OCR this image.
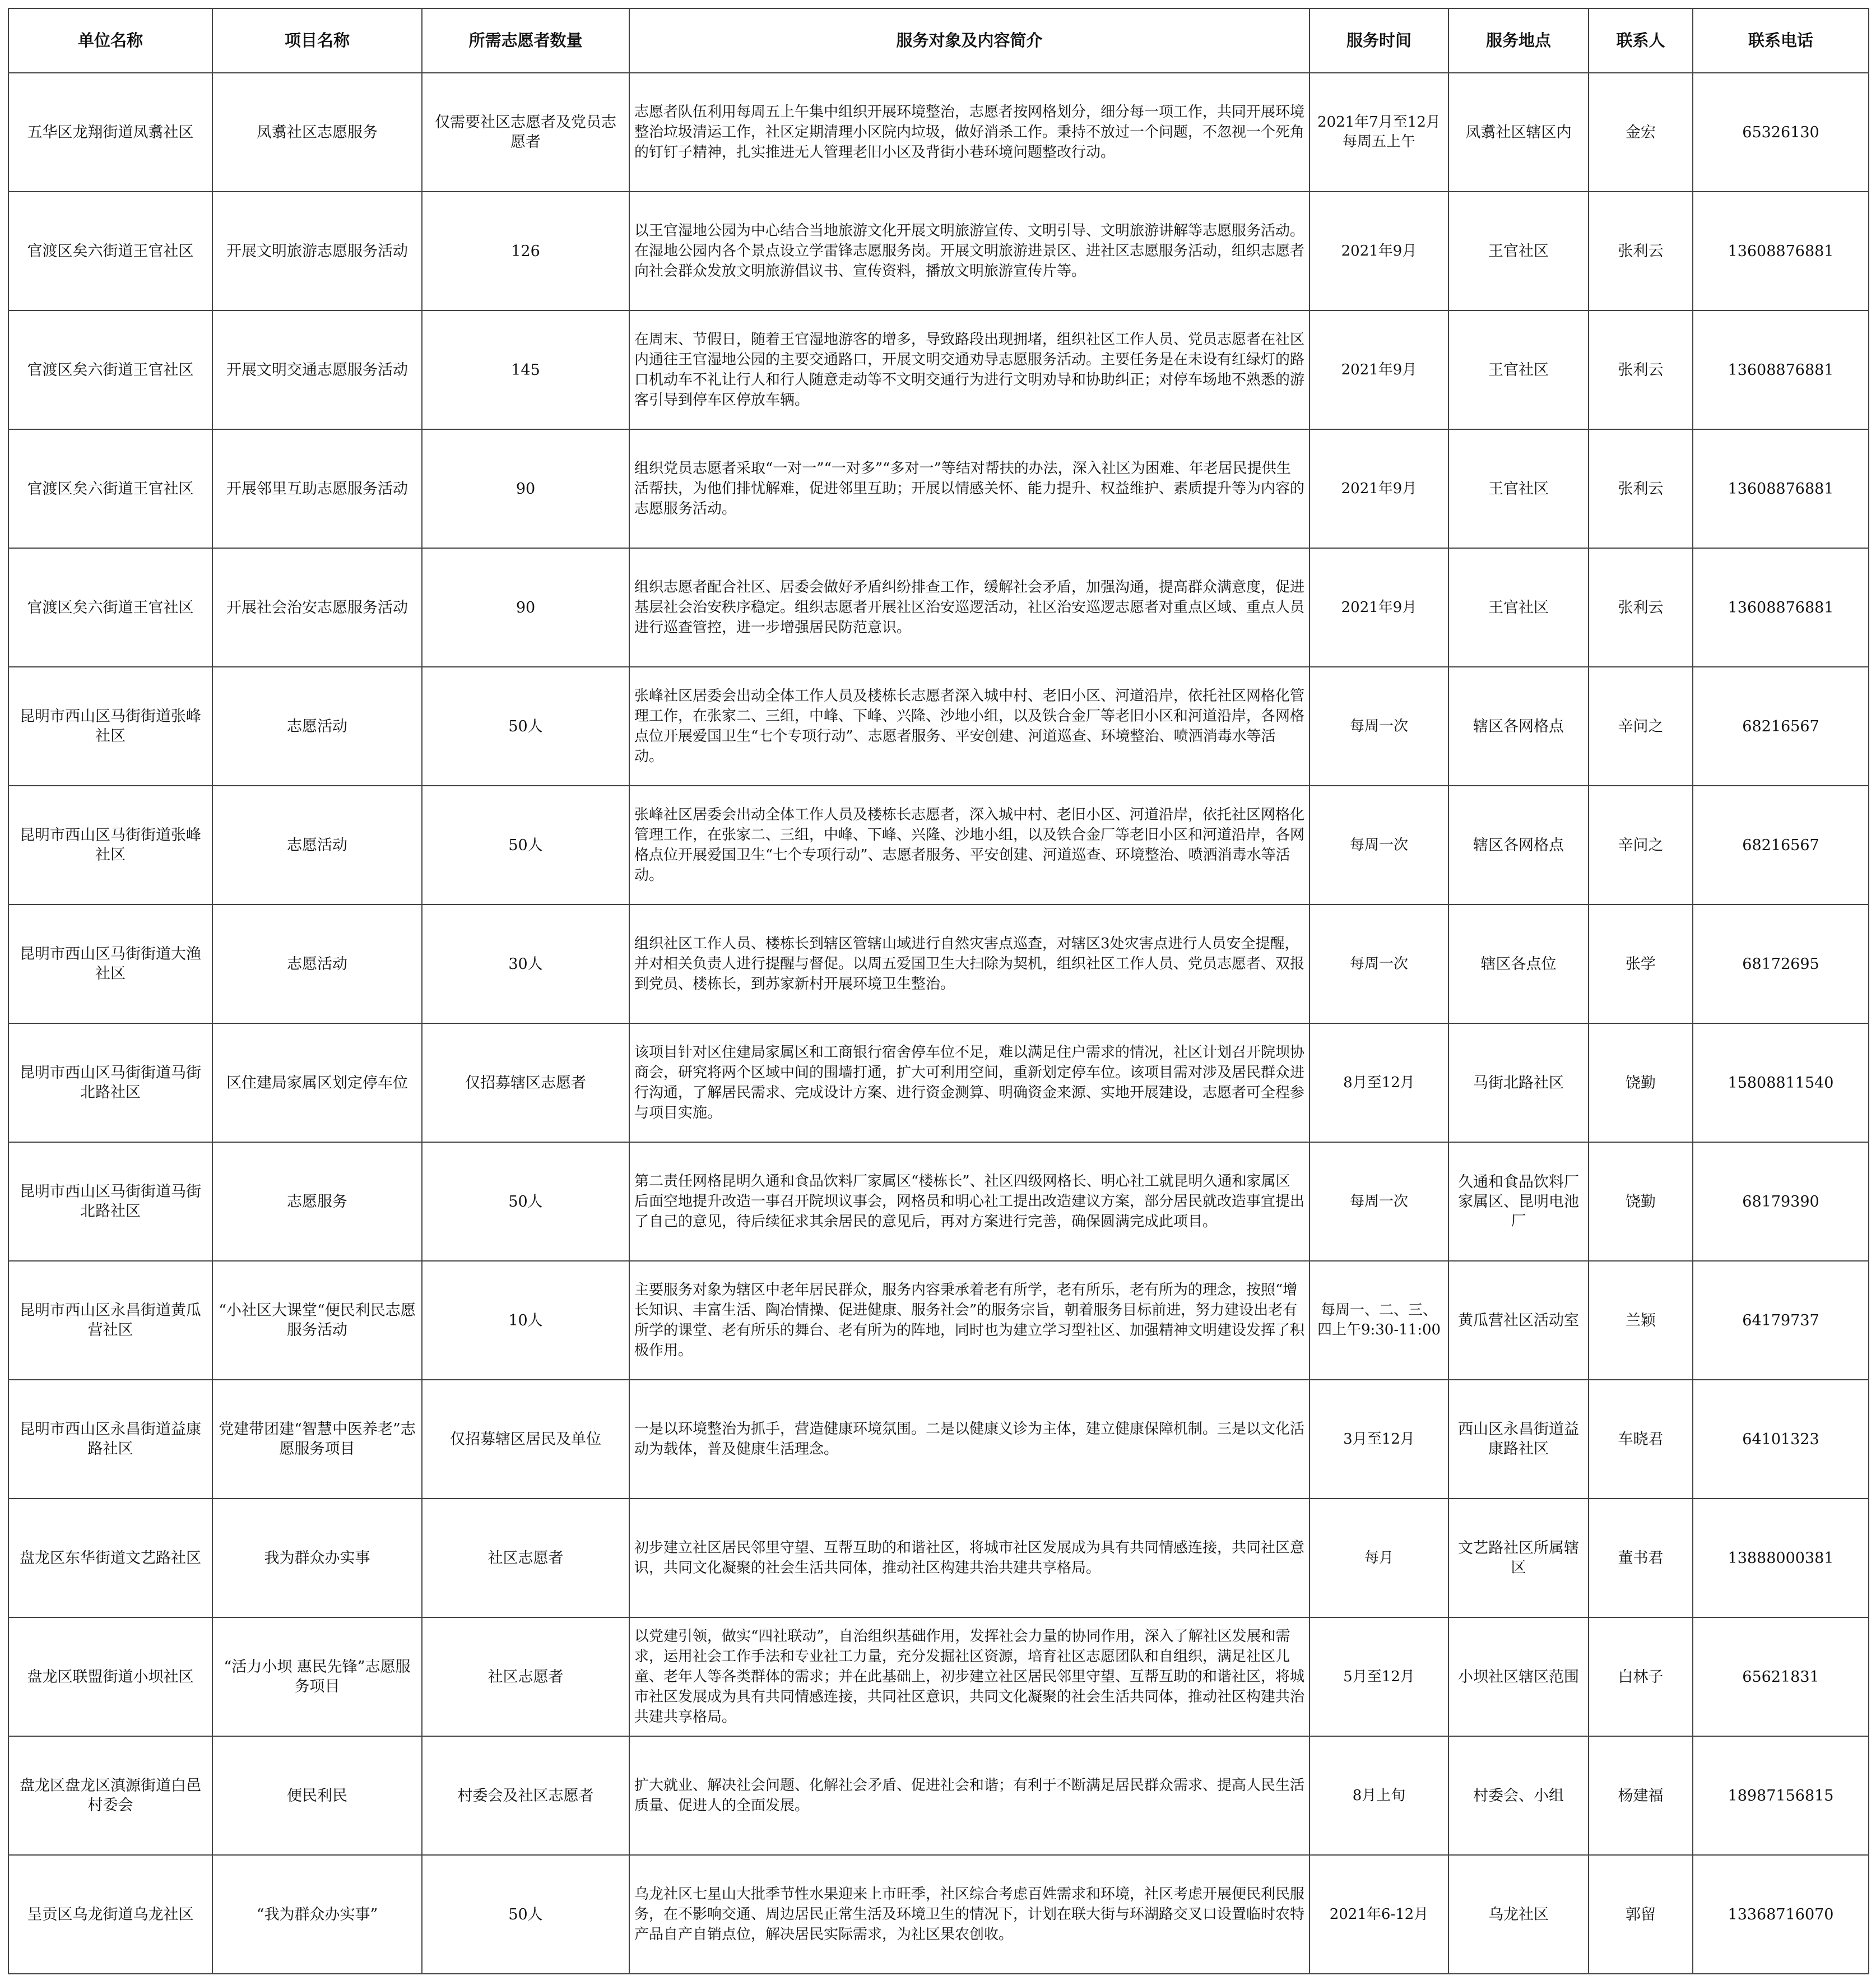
单位名称	项目名称	所需志愿者数量	服务对象及内容简介	服务时间	服务地点	联系人	联系电话
五华区龙翔街道凤翥社区	凤翥社区志愿服务	仅需要社区志愿者及党员志愿者	志愿者队伍利用每周五上午集中组织开展环境整治，志愿者按网格划分，细分每一项工作，共同开展环境整治垃圾清运工作，社区定期清理小区院内垃圾，做好消杀工作。秉持不放过一个问题，不忽视一个死角的钉钉子精神，扎实推进无人管理老旧小区及背街小巷环境问题整改行动。	2021年7月至12月每周五上午	凤翥社区辖区内	金宏	65326130
官渡区矣六街道王官社区	开展文明旅游志愿服务活动	126	以王官湿地公园为中心结合当地旅游文化开展文明旅游宣传、文明引导、文明旅游讲解等志愿服务活动。在湿地公园内各个景点设立学雷锋志愿服务岗。开展文明旅游进景区、进社区志愿服务活动，组织志愿者向社会群众发放文明旅游倡议书、宣传资料，播放文明旅游宣传片等。	2021年9月	王官社区	张利云	13608876881
官渡区矣六街道王官社区	开展文明交通志愿服务活动	145	在周末、节假日，随着王官湿地游客的增多，导致路段出现拥堵，组织社区工作人员、党员志愿者在社区内通往王官湿地公园的主要交通路口，开展文明交通劝导志愿服务活动。主要任务是在未设有红绿灯的路口机动车不礼让行人和行人随意走动等不文明交通行为进行文明劝导和协助纠正；对停车场地不熟悉的游客引导到停车区停放车辆。	2021年9月	王官社区	张利云	13608876881
官渡区矣六街道王官社区	开展邻里互助志愿服务活动	90	组织党员志愿者采取“一对一”“一对多”“多对一”等结对帮扶的办法，深入社区为困难、年老居民提供生活帮扶，为他们排忧解难，促进邻里互助；开展以情感关怀、能力提升、权益维护、素质提升等为内容的志愿服务活动。	2021年9月	王官社区	张利云	13608876881
官渡区矣六街道王官社区	开展社会治安志愿服务活动	90	组织志愿者配合社区、居委会做好矛盾纠纷排查工作，缓解社会矛盾，加强沟通，提高群众满意度，促进基层社会治安秩序稳定。组织志愿者开展社区治安巡逻活动，社区治安巡逻志愿者对重点区域、重点人员进行巡查管控，进一步增强居民防范意识。	2021年9月	王官社区	张利云	13608876881
昆明市西山区马街街道张峰社区	志愿活动	50人	张峰社区居委会出动全体工作人员及楼栋长志愿者深入城中村、老旧小区、河道沿岸，依托社区网格化管理工作，在张家二、三组，中峰、下峰、兴隆、沙地小组，以及铁合金厂等老旧小区和河道沿岸，各网格点位开展爱国卫生“七个专项行动”、志愿者服务、平安创建、河道巡查、环境整治、喷洒消毒水等活动。	每周一次	辖区各网格点	辛问之	68216567
昆明市西山区马街街道张峰社区	志愿活动	50人	张峰社区居委会出动全体工作人员及楼栋长志愿者，深入城中村、老旧小区、河道沿岸，依托社区网格化管理工作，在张家二、三组，中峰、下峰、兴隆、沙地小组，以及铁合金厂等老旧小区和河道沿岸，各网格点位开展爱国卫生“七个专项行动”、志愿者服务、平安创建、河道巡查、环境整治、喷洒消毒水等活动。	每周一次	辖区各网格点	辛问之	68216567
昆明市西山区马街街道大渔社区	志愿活动	30人	组织社区工作人员、楼栋长到辖区管辖山域进行自然灾害点巡查，对辖区3处灾害点进行人员安全提醒，并对相关负责人进行提醒与督促。以周五爱国卫生大扫除为契机，组织社区工作人员、党员志愿者、双报到党员、楼栋长，到苏家新村开展环境卫生整治。	每周一次	辖区各点位	张学	68172695
昆明市西山区马街街道马街北路社区	区住建局家属区划定停车位	仅招募辖区志愿者	该项目针对区住建局家属区和工商银行宿舍停车位不足，难以满足住户需求的情况，社区计划召开院坝协商会，研究将两个区域中间的围墙打通，扩大可利用空间，重新划定停车位。该项目需对涉及居民群众进行沟通，了解居民需求、完成设计方案、进行资金测算、明确资金来源、实地开展建设，志愿者可全程参与项目实施。	8月至12月	马街北路社区	饶勤	15808811540
昆明市西山区马街街道马街北路社区	志愿服务	50人	第二责任网格昆明久通和食品饮料厂家属区“楼栋长”、社区四级网格长、明心社工就昆明久通和家属区后面空地提升改造一事召开院坝议事会，网格员和明心社工提出改造建议方案，部分居民就改造事宜提出了自己的意见，待后续征求其余居民的意见后，再对方案进行完善，确保圆满完成此项目。	每周一次	久通和食品饮料厂家属区、昆明电池厂	饶勤	68179390
昆明市西山区永昌街道黄瓜营社区	“小社区大课堂“便民利民志愿服务活动	10人	主要服务对象为辖区中老年居民群众，服务内容秉承着老有所学，老有所乐，老有所为的理念，按照“增长知识、丰富生活、陶冶情操、促进健康、服务社会”的服务宗旨，朝着服务目标前进，努力建设出老有所学的课堂、老有所乐的舞台、老有所为的阵地，同时也为建立学习型社区、加强精神文明建设发挥了积极作用。	每周一、二、三、四上午9:30-11:00	黄瓜营社区活动室	兰颖	64179737
昆明市西山区永昌街道益康路社区	党建带团建“智慧中医养老”志愿服务项目	仅招募辖区居民及单位	一是以环境整治为抓手，营造健康环境氛围。二是以健康义诊为主体，建立健康保障机制。三是以文化活动为载体，普及健康生活理念。	3月至12月	西山区永昌街道益康路社区	车晓君	64101323
盘龙区东华街道文艺路社区	我为群众办实事	社区志愿者	初步建立社区居民邻里守望、互帮互助的和谐社区，将城市社区发展成为具有共同情感连接，共同社区意识，共同文化凝聚的社会生活共同体，推动社区构建共治共建共享格局。	每月	文艺路社区所属辖区	董书君	13888000381
盘龙区联盟街道小坝社区	“活力小坝 惠民先锋”志愿服务项目	社区志愿者	以党建引领，做实“四社联动”，自治组织基础作用，发挥社会力量的协同作用，深入了解社区发展和需求，运用社会工作手法和专业社工力量，充分发掘社区资源，培育社区志愿团队和自组织，满足社区儿童、老年人等各类群体的需求；并在此基础上，初步建立社区居民邻里守望、互帮互助的和谐社区，将城市社区发展成为具有共同情感连接，共同社区意识，共同文化凝聚的社会生活共同体，推动社区构建共治共建共享格局。	5月至12月	小坝社区辖区范围	白林子	65621831
盘龙区盘龙区滇源街道白邑村委会	便民利民	村委会及社区志愿者	扩大就业、解决社会问题、化解社会矛盾、促进社会和谐；有利于不断满足居民群众需求、提高人民生活质量、促进人的全面发展。	8月上旬	村委会、小组	杨建福	18987156815
呈贡区乌龙街道乌龙社区	“我为群众办实事”	50人	乌龙社区七星山大批季节性水果迎来上市旺季，社区综合考虑百姓需求和环境，社区考虑开展便民利民服务，在不影响交通、周边居民正常生活及环境卫生的情况下，计划在联大街与环湖路交叉口设置临时农特产品自产自销点位，解决居民实际需求，为社区果农创收。	2021年6-12月	乌龙社区	郭留	13368716070
